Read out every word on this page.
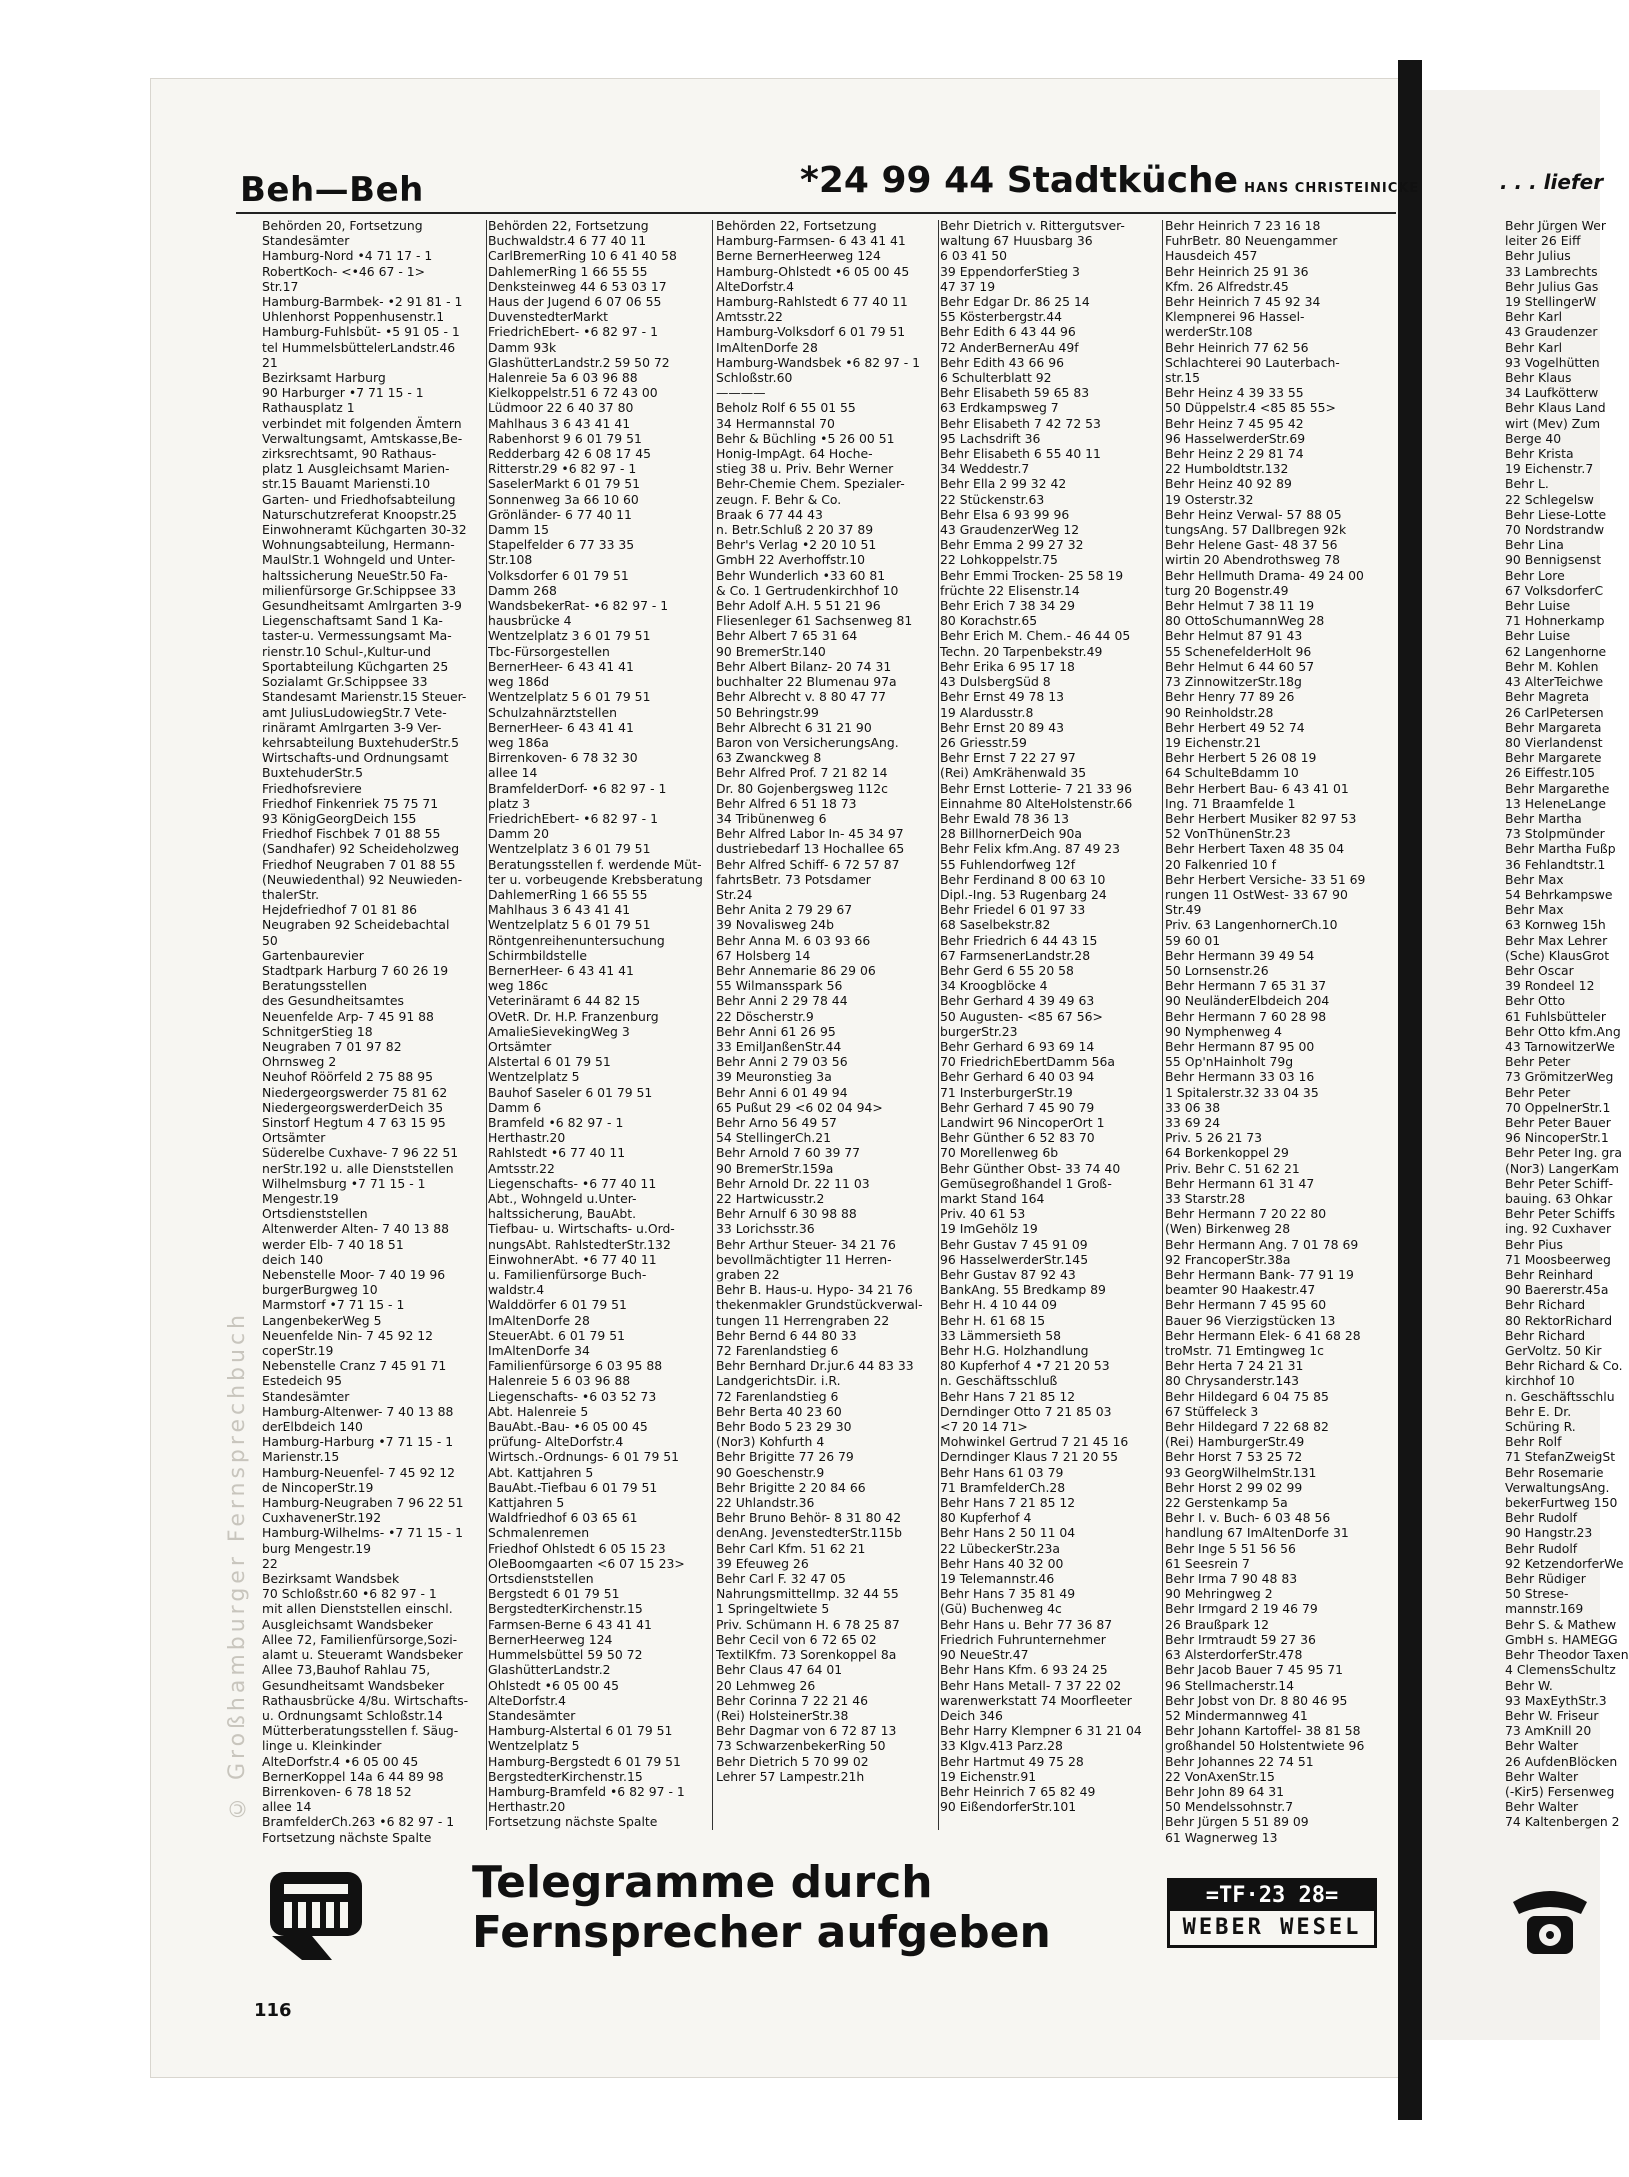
© Großhamburger Fernsprechbuch
Beh—Beh	*24 99 44 Stadtküche HANS CHRISTEINICKE	. . . liefer
Behörden 20, Fortsetzung
Standesämter
Hamburg-Nord •4 71 17 - 1
RobertKoch- <•46 67 - 1>
Str.17
Hamburg-Barmbek- •2 91 81 - 1
Uhlenhorst Poppenhusenstr.1
Hamburg-Fuhlsbüt- •5 91 05 - 1
tel HummelsbüttelerLandstr.46
21
Bezirksamt Harburg
90 Harburger •7 71 15 - 1
Rathausplatz 1
verbindet mit folgenden Ämtern
Verwaltungsamt, Amtskasse,Be-
zirksrechtsamt, 90 Rathaus-
platz 1 Ausgleichsamt Marien-
str.15 Bauamt Mariensti.10
Garten- und Friedhofsabteilung
Naturschutzreferat Knoopstr.25
Einwohneramt Küchgarten 30-32
Wohnungsabteilung, Hermann-
MaulStr.1 Wohngeld und Unter-
haltssicherung NeueStr.50 Fa-
milienfürsorge Gr.Schippsee 33
Gesundheitsamt Amlrgarten 3-9
Liegenschaftsamt Sand 1 Ka-
taster-u. Vermessungsamt Ma-
rienstr.10 Schul-,Kultur-und
Sportabteilung Küchgarten 25
Sozialamt Gr.Schippsee 33
Standesamt Marienstr.15 Steuer-
amt JuliusLudowiegStr.7 Vete-
rinäramt Amlrgarten 3-9 Ver-
kehrsabteilung BuxtehuderStr.5
Wirtschafts-und Ordnungsamt
BuxtehuderStr.5
Friedhofsreviere
Friedhof Finkenriek 75 75 71
93 KönigGeorgDeich 155
Friedhof Fischbek 7 01 88 55
(Sandhafer) 92 Scheideholzweg
Friedhof Neugraben 7 01 88 55
(Neuwiedenthal) 92 Neuwieden-
thalerStr.
Hejdefriedhof 7 01 81 86
Neugraben 92 Scheidebachtal
50
Gartenbaurevier
Stadtpark Harburg 7 60 26 19
Beratungsstellen
des Gesundheitsamtes
Neuenfelde Arp- 7 45 91 88
SchnitgerStieg 18
Neugraben 7 01 97 82
Ohrnsweg 2
Neuhof Röörfeld 2 75 88 95
Niedergeorgswerder 75 81 62
NiedergeorgswerderDeich 35
Sinstorf Hegtum 4 7 63 15 95
Ortsämter
Süderelbe Cuxhave- 7 96 22 51
nerStr.192 u. alle Dienststellen
Wilhelmsburg •7 71 15 - 1
Mengestr.19
Ortsdienststellen
Altenwerder Alten- 7 40 13 88
werder Elb- 7 40 18 51
deich 140
Nebenstelle Moor- 7 40 19 96
burgerBurgweg 10
Marmstorf •7 71 15 - 1
LangenbekerWeg 5
Neuenfelde Nin- 7 45 92 12
coperStr.19
Nebenstelle Cranz 7 45 91 71
Estedeich 95
Standesämter
Hamburg-Altenwer- 7 40 13 88
derElbdeich 140
Hamburg-Harburg •7 71 15 - 1
Marienstr.15
Hamburg-Neuenfel- 7 45 92 12
de NincoperStr.19
Hamburg-Neugraben 7 96 22 51
CuxhavenerStr.192
Hamburg-Wilhelms- •7 71 15 - 1
burg Mengestr.19
22
Bezirksamt Wandsbek
70 Schloßstr.60 •6 82 97 - 1
mit allen Dienststellen einschl.
Ausgleichsamt Wandsbeker
Allee 72, Familienfürsorge,Sozi-
alamt u. Steueramt Wandsbeker
Allee 73,Bauhof Rahlau 75,
Gesundheitsamt Wandsbeker
Rathausbrücke 4/8u. Wirtschafts-
u. Ordnungsamt Schloßstr.14
Mütterberatungsstellen f. Säug-
linge u. Kleinkinder
AlteDorfstr.4 •6 05 00 45
BernerKoppel 14a 6 44 89 98
Birrenkoven- 6 78 18 52
allee 14
BramfelderCh.263 •6 82 97 - 1
Fortsetzung nächste Spalte
Behörden 22, Fortsetzung
Buchwaldstr.4 6 77 40 11
CarlBremerRing 10 6 41 40 58
DahlemerRing 1 66 55 55
Denksteinweg 44 6 53 03 17
Haus der Jugend 6 07 06 55
DuvenstedterMarkt
FriedrichEbert- •6 82 97 - 1
Damm 93k
GlashütterLandstr.2 59 50 72
Halenreie 5a 6 03 96 88
Kielkoppelstr.51 6 72 43 00
Lüdmoor 22 6 40 37 80
Mahlhaus 3 6 43 41 41
Rabenhorst 9 6 01 79 51
Redderbarg 42 6 08 17 45
Ritterstr.29 •6 82 97 - 1
SaselerMarkt 6 01 79 51
Sonnenweg 3a 66 10 60
Grönländer- 6 77 40 11
Damm 15
Stapelfelder 6 77 33 35
Str.108
Volksdorfer 6 01 79 51
Damm 268
WandsbekerRat- •6 82 97 - 1
hausbrücke 4
Wentzelplatz 3 6 01 79 51
Tbc-Fürsorgestellen
BernerHeer- 6 43 41 41
weg 186d
Wentzelplatz 5 6 01 79 51
Schulzahnärztstellen
BernerHeer- 6 43 41 41
weg 186a
Birrenkoven- 6 78 32 30
allee 14
BramfelderDorf- •6 82 97 - 1
platz 3
FriedrichEbert- •6 82 97 - 1
Damm 20
Wentzelplatz 3 6 01 79 51
Beratungsstellen f. werdende Müt-
ter u. vorbeugende Krebsberatung
DahlemerRing 1 66 55 55
Mahlhaus 3 6 43 41 41
Wentzelplatz 5 6 01 79 51
Röntgenreihenuntersuchung
Schirmbildstelle
BernerHeer- 6 43 41 41
weg 186c
Veterinäramt 6 44 82 15
OVetR. Dr. H.P. Franzenburg
AmalieSievekingWeg 3
Ortsämter
Alstertal 6 01 79 51
Wentzelplatz 5
Bauhof Saseler 6 01 79 51
Damm 6
Bramfeld •6 82 97 - 1
Herthastr.20
Rahlstedt •6 77 40 11
Amtsstr.22
Liegenschafts- •6 77 40 11
Abt., Wohngeld u.Unter-
haltssicherung, BauAbt.
Tiefbau- u. Wirtschafts- u.Ord-
nungsAbt. RahlstedterStr.132
EinwohnerAbt. •6 77 40 11
u. Familienfürsorge Buch-
waldstr.4
Walddörfer 6 01 79 51
ImAltenDorfe 28
SteuerAbt. 6 01 79 51
ImAltenDorfe 34
Familienfürsorge 6 03 95 88
Halenreie 5 6 03 96 88
Liegenschafts- •6 03 52 73
Abt. Halenreie 5
BauAbt.-Bau- •6 05 00 45
prüfung- AlteDorfstr.4
Wirtsch.-Ordnungs- 6 01 79 51
Abt. Kattjahren 5
BauAbt.-Tiefbau 6 01 79 51
Kattjahren 5
Waldfriedhof 6 03 65 61
Schmalenremen
Friedhof Ohlstedt 6 05 15 23
OleBoomgaarten <6 07 15 23>
Ortsdienststellen
Bergstedt 6 01 79 51
BergstedterKirchenstr.15
Farmsen-Berne 6 43 41 41
BernerHeerweg 124
Hummelsbüttel 59 50 72
GlashütterLandstr.2
Ohlstedt •6 05 00 45
AlteDorfstr.4
Standesämter
Hamburg-Alstertal 6 01 79 51
Wentzelplatz 5
Hamburg-Bergstedt 6 01 79 51
BergstedterKirchenstr.15
Hamburg-Bramfeld •6 82 97 - 1
Herthastr.20
Fortsetzung nächste Spalte
Behörden 22, Fortsetzung
Hamburg-Farmsen- 6 43 41 41
Berne BernerHeerweg 124
Hamburg-Ohlstedt •6 05 00 45
AlteDorfstr.4
Hamburg-Rahlstedt 6 77 40 11
Amtsstr.22
Hamburg-Volksdorf 6 01 79 51
ImAltenDorfe 28
Hamburg-Wandsbek •6 82 97 - 1
Schloßstr.60
————
Beholz Rolf 6 55 01 55
34 Hermannstal 70
Behr & Büchling •5 26 00 51
Honig-ImpAgt. 64 Hoche-
stieg 38 u. Priv. Behr Werner
Behr-Chemie Chem. Spezialer-
zeugn. F. Behr & Co.
Braak 6 77 44 43
n. Betr.Schluß 2 20 37 89
Behr's Verlag •2 20 10 51
GmbH 22 Averhoffstr.10
Behr Wunderlich •33 60 81
& Co. 1 Gertrudenkirchhof 10
Behr Adolf A.H. 5 51 21 96
Fliesenleger 61 Sachsenweg 81
Behr Albert 7 65 31 64
90 BremerStr.140
Behr Albert Bilanz- 20 74 31
buchhalter 22 Blumenau 97a
Behr Albrecht v. 8 80 47 77
50 Behringstr.99
Behr Albrecht 6 31 21 90
Baron von VersicherungsAng.
63 Zwanckweg 8
Behr Alfred Prof. 7 21 82 14
Dr. 80 Gojenbergsweg 112c
Behr Alfred 6 51 18 73
34 Tribünenweg 6
Behr Alfred Labor In- 45 34 97
dustriebedarf 13 Hochallee 65
Behr Alfred Schiff- 6 72 57 87
fahrtsBetr. 73 Potsdamer
Str.24
Behr Anita 2 79 29 67
39 Novalisweg 24b
Behr Anna M. 6 03 93 66
67 Holsberg 14
Behr Annemarie 86 29 06
55 Wilmansspark 56
Behr Anni 2 29 78 44
22 Döscherstr.9
Behr Anni 61 26 95
33 EmilJanßenStr.44
Behr Anni 2 79 03 56
39 Meuronstieg 3a
Behr Anni 6 01 49 94
65 Pußut 29 <6 02 04 94>
Behr Arno 56 49 57
54 StellingerCh.21
Behr Arnold 7 60 39 77
90 BremerStr.159a
Behr Arnold Dr. 22 11 03
22 Hartwicusstr.2
Behr Arnulf 6 30 98 88
33 Lorichsstr.36
Behr Arthur Steuer- 34 21 76
bevollmächtigter 11 Herren-
graben 22
Behr B. Haus-u. Hypo- 34 21 76
thekenmakler Grundstückverwal-
tungen 11 Herrengraben 22
Behr Bernd 6 44 80 33
72 Farenlandstieg 6
Behr Bernhard Dr.jur.6 44 83 33
LandgerichtsDir. i.R.
72 Farenlandstieg 6
Behr Berta 40 23 60
Behr Bodo 5 23 29 30
(Nor3) Kohfurth 4
Behr Brigitte 77 26 79
90 Goeschenstr.9
Behr Brigitte 2 20 84 66
22 Uhlandstr.36
Behr Bruno Behör- 8 31 80 42
denAng. JevenstedterStr.115b
Behr Carl Kfm. 51 62 21
39 Efeuweg 26
Behr Carl F. 32 47 05
NahrungsmittelImp. 32 44 55
1 Springeltwiete 5
Priv. Schümann H. 6 78 25 87
Behr Cecil von 6 72 65 02
TextilKfm. 73 Sorenkoppel 8a
Behr Claus 47 64 01
20 Lehmweg 26
Behr Corinna 7 22 21 46
(Rei) HolsteinerStr.38
Behr Dagmar von 6 72 87 13
73 SchwarzenbekerRing 50
Behr Dietrich 5 70 99 02
Lehrer 57 Lampestr.21h
Behr Dietrich v. Rittergutsver-
waltung 67 Huusbarg 36
6 03 41 50
39 EppendorferStieg 3
47 37 19
Behr Edgar Dr. 86 25 14
55 Kösterbergstr.44
Behr Edith 6 43 44 96
72 AnderBernerAu 49f
Behr Edith 43 66 96
6 Schulterblatt 92
Behr Elisabeth 59 65 83
63 Erdkampsweg 7
Behr Elisabeth 7 42 72 53
95 Lachsdrift 36
Behr Elisabeth 6 55 40 11
34 Weddestr.7
Behr Ella 2 99 32 42
22 Stückenstr.63
Behr Elsa 6 93 99 96
43 GraudenzerWeg 12
Behr Emma 2 99 27 32
22 Lohkoppelstr.75
Behr Emmi Trocken- 25 58 19
früchte 22 Elisenstr.14
Behr Erich 7 38 34 29
80 Korachstr.65
Behr Erich M. Chem.- 46 44 05
Techn. 20 Tarpenbekstr.49
Behr Erika 6 95 17 18
43 DulsbergSüd 8
Behr Ernst 49 78 13
19 Alardusstr.8
Behr Ernst 20 89 43
26 Griesstr.59
Behr Ernst 7 22 27 97
(Rei) AmKrähenwald 35
Behr Ernst Lotterie- 7 21 33 96
Einnahme 80 AlteHolstenstr.66
Behr Ewald 78 36 13
28 BillhornerDeich 90a
Behr Felix kfm.Ang. 87 49 23
55 Fuhlendorfweg 12f
Behr Ferdinand 8 00 63 10
Dipl.-Ing. 53 Rugenbarg 24
Behr Friedel 6 01 97 33
68 Saselbekstr.82
Behr Friedrich 6 44 43 15
67 FarmsenerLandstr.28
Behr Gerd 6 55 20 58
34 Kroogblöcke 4
Behr Gerhard 4 39 49 63
50 Augusten- <85 67 56>
burgerStr.23
Behr Gerhard 6 93 69 14
70 FriedrichEbertDamm 56a
Behr Gerhard 6 40 03 94
71 InsterburgerStr.19
Behr Gerhard 7 45 90 79
Landwirt 96 NincoperOrt 1
Behr Günther 6 52 83 70
70 Morellenweg 6b
Behr Günther Obst- 33 74 40
Gemüsegroßhandel 1 Groß-
markt Stand 164
Priv. 40 61 53
19 ImGehölz 19
Behr Gustav 7 45 91 09
96 HasselwerderStr.145
Behr Gustav 87 92 43
BankAng. 55 Bredkamp 89
Behr H. 4 10 44 09
Behr H. 61 68 15
33 Lämmersieth 58
Behr H.G. Holzhandlung
80 Kupferhof 4 •7 21 20 53
n. Geschäftsschluß
Behr Hans 7 21 85 12
Derndinger Otto 7 21 85 03
<7 20 14 71>
Mohwinkel Gertrud 7 21 45 16
Derndinger Klaus 7 21 20 55
Behr Hans 61 03 79
71 BramfelderCh.28
Behr Hans 7 21 85 12
80 Kupferhof 4
Behr Hans 2 50 11 04
22 LübeckerStr.23a
Behr Hans 40 32 00
19 Telemannstr.46
Behr Hans 7 35 81 49
(Gü) Buchenweg 4c
Behr Hans u. Behr 77 36 87
Friedrich Fuhrunternehmer
90 NeueStr.47
Behr Hans Kfm. 6 93 24 25
Behr Hans Metall- 7 37 22 02
warenwerkstatt 74 Moorfleeter
Deich 346
Behr Harry Klempner 6 31 21 04
33 Klgv.413 Parz.28
Behr Hartmut 49 75 28
19 Eichenstr.91
Behr Heinrich 7 65 82 49
90 EißendorferStr.101
Behr Heinrich 7 23 16 18
FuhrBetr. 80 Neuengammer
Hausdeich 457
Behr Heinrich 25 91 36
Kfm. 26 Alfredstr.45
Behr Heinrich 7 45 92 34
Klempnerei 96 Hassel-
werderStr.108
Behr Heinrich 77 62 56
Schlachterei 90 Lauterbach-
str.15
Behr Heinz 4 39 33 55
50 Düppelstr.4 <85 85 55>
Behr Heinz 7 45 95 42
96 HasselwerderStr.69
Behr Heinz 2 29 81 74
22 Humboldtstr.132
Behr Heinz 40 92 89
19 Osterstr.32
Behr Heinz Verwal- 57 88 05
tungsAng. 57 Dallbregen 92k
Behr Helene Gast- 48 37 56
wirtin 20 Abendrothsweg 78
Behr Hellmuth Drama- 49 24 00
turg 20 Bogenstr.49
Behr Helmut 7 38 11 19
80 OttoSchumannWeg 28
Behr Helmut 87 91 43
55 SchenefelderHolt 96
Behr Helmut 6 44 60 57
73 ZinnowitzerStr.18g
Behr Henry 77 89 26
90 Reinholdstr.28
Behr Herbert 49 52 74
19 Eichenstr.21
Behr Herbert 5 26 08 19
64 SchulteBdamm 10
Behr Herbert Bau- 6 43 41 01
Ing. 71 Braamfelde 1
Behr Herbert Musiker 82 97 53
52 VonThünenStr.23
Behr Herbert Taxen 48 35 04
20 Falkenried 10 f
Behr Herbert Versiche- 33 51 69
rungen 11 OstWest- 33 67 90
Str.49
Priv. 63 LangenhornerCh.10
59 60 01
Behr Hermann 39 49 54
50 Lornsenstr.26
Behr Hermann 7 65 31 37
90 NeuländerElbdeich 204
Behr Hermann 7 60 28 98
90 Nymphenweg 4
Behr Hermann 87 95 00
55 Op'nHainholt 79g
Behr Hermann 33 03 16
1 Spitalerstr.32 33 04 35
33 06 38
33 69 24
Priv. 5 26 21 73
64 Borkenkoppel 29
Priv. Behr C. 51 62 21
Behr Hermann 61 31 47
33 Starstr.28
Behr Hermann 7 20 22 80
(Wen) Birkenweg 28
Behr Hermann Ang. 7 01 78 69
92 FrancoperStr.38a
Behr Hermann Bank- 77 91 19
beamter 90 Haakestr.47
Behr Hermann 7 45 95 60
Bauer 96 Vierzigstücken 13
Behr Hermann Elek- 6 41 68 28
troMstr. 71 Emtingweg 1c
Behr Herta 7 24 21 31
80 Chrysanderstr.143
Behr Hildegard 6 04 75 85
67 Stüffeleck 3
Behr Hildegard 7 22 68 82
(Rei) HamburgerStr.49
Behr Horst 7 53 25 72
93 GeorgWilhelmStr.131
Behr Horst 2 99 02 99
22 Gerstenkamp 5a
Behr I. v. Buch- 6 03 48 56
handlung 67 ImAltenDorfe 31
Behr Inge 5 51 56 56
61 Seesrein 7
Behr Irma 7 90 48 83
90 Mehringweg 2
Behr Irmgard 2 19 46 79
26 Braußpark 12
Behr Irmtraudt 59 27 36
63 AlsterdorferStr.478
Behr Jacob Bauer 7 45 95 71
96 Stellmacherstr.14
Behr Jobst von Dr. 8 80 46 95
52 Mindermannweg 41
Behr Johann Kartoffel- 38 81 58
großhandel 50 Holstentwiete 96
Behr Johannes 22 74 51
22 VonAxenStr.15
Behr John 89 64 31
50 Mendelssohnstr.7
Behr Jürgen 5 51 89 09
61 Wagnerweg 13
Behr Jürgen Wer
leiter 26 Eiff
Behr Julius
33 Lambrechts
Behr Julius Gas
19 StellingerW
Behr Karl
43 Graudenzer
Behr Karl
93 Vogelhütten
Behr Klaus
34 Laufkötterw
Behr Klaus Land
wirt (Mev) Zum
Berge 40
Behr Krista
19 Eichenstr.7
Behr L.
22 Schlegelsw
Behr Liese-Lotte
70 Nordstrandw
Behr Lina
90 Bennigsenst
Behr Lore
67 VolksdorferC
Behr Luise
71 Hohnerkamp
Behr Luise
62 Langenhorne
Behr M. Kohlen
43 AlterTeichwe
Behr Magreta
26 CarlPetersen
Behr Margareta
80 Vierlandenst
Behr Margarete
26 Eiffestr.105
Behr Margarethe
13 HeleneLange
Behr Martha
73 Stolpmünder
Behr Martha Fußp
36 Fehlandtstr.1
Behr Max
54 Behrkampswe
Behr Max
63 Kornweg 15h
Behr Max Lehrer
(Sche) KlausGrot
Behr Oscar
39 Rondeel 12
Behr Otto
61 Fuhlsbütteler
Behr Otto kfm.Ang
43 TarnowitzerWe
Behr Peter
73 GrömitzerWeg
Behr Peter
70 OppelnerStr.1
Behr Peter Bauer
96 NincoperStr.1
Behr Peter Ing. gra
(Nor3) LangerKam
Behr Peter Schiff-
bauing. 63 Ohkar
Behr Peter Schiffs
ing. 92 Cuxhaver
Behr Pius
71 Moosbeerweg
Behr Reinhard
90 Baererstr.45a
Behr Richard
80 RektorRichard
Behr Richard
GerVoltz. 50 Kir
Behr Richard & Co.
kirchhof 10
n. Geschäftsschlu
Behr E. Dr.
Schüring R.
Behr Rolf
71 StefanZweigSt
Behr Rosemarie
VerwaltungsAng.
bekerFurtweg 150
Behr Rudolf
90 Hangstr.23
Behr Rudolf
92 KetzendorferWe
Behr Rüdiger
50 Strese-
mannstr.169
Behr S. & Mathew
GmbH s. HAMEGG
Behr Theodor Taxen
4 ClemensSchultz
Behr W.
93 MaxEythStr.3
Behr W. Friseur
73 AmKnill 20
Behr Walter
26 AufdenBlöcken
Behr Walter
(-Kir5) Fersenweg
Behr Walter
74 Kaltenbergen 2
Telegramme durch
Fernsprecher aufgeben
=TF·23 28=
WEBER WESEL
116
